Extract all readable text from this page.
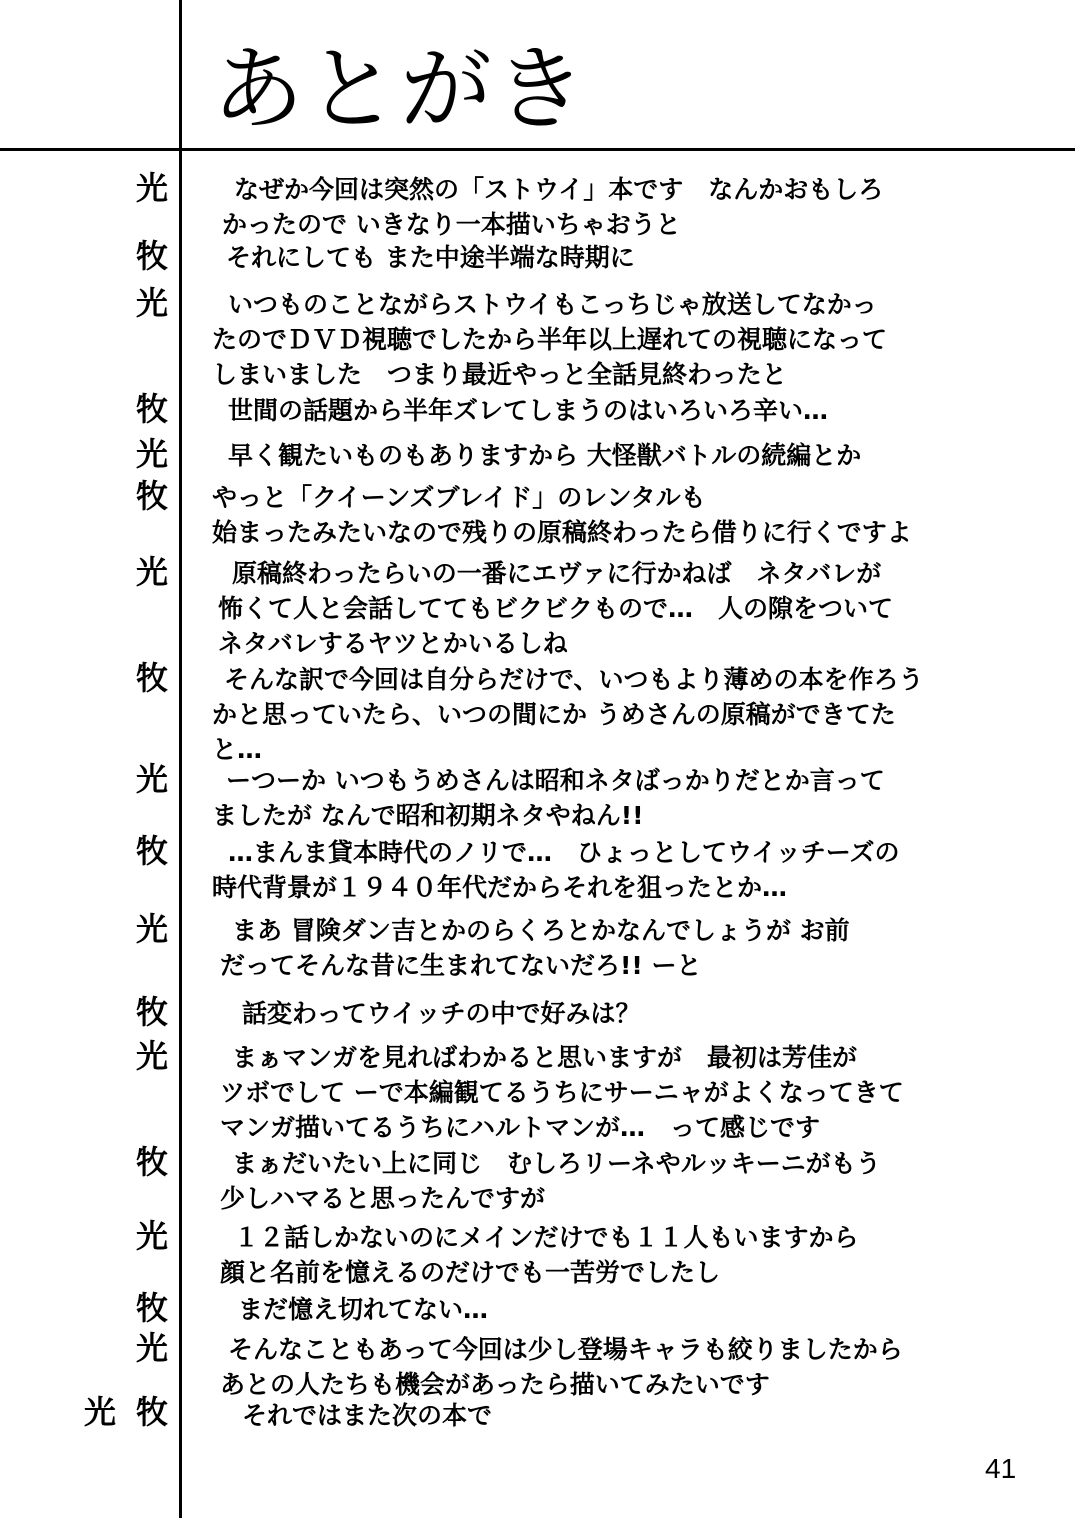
あとがき
光	なぜか今回は突然の「ストウイ」本です　なんかおもしろ
かったので いきなり一本描いちゃおうと
牧	それにしても また中途半端な時期に
光	いつものことながらストウイもこっちじゃ放送してなかっ
たのでＤＶＤ視聴でしたから半年以上遅れての視聴になって
しまいました　つまり最近やっと全話見終わったと
牧	世間の話題から半年ズレてしまうのはいろいろ辛い…
光	早く観たいものもありますから 大怪獣バトルの続編とか
牧 やっと「クイーンズブレイド」のレンタルも
始まったみたいなので残りの原稿終わったら借りに行くですよ
光	原稿終わったらいの一番にエヴァに行かねば　ネタバレが
怖くて人と会話しててもビクビクもので…　人の隙をついて
ネタバレするヤツとかいるしね
牧	そんな訳で今回は自分らだけで、いつもより薄めの本を作ろう
かと思っていたら、いつの間にか うめさんの原稿ができてた
と…
光	ーつーか いつもうめさんは昭和ネタばっかりだとか言って
ましたが なんで昭和初期ネタやねん!!
牧	…まんま貸本時代のノリで…　ひょっとしてウイッチーズの
時代背景が１９４０年代だからそれを狙ったとか…
光	まあ 冒険ダン吉とかのらくろとかなんでしょうが お前
だってそんな昔に生まれてないだろ!! ーと
牧	話変わってウイッチの中で好みは？
光	まぁマンガを見ればわかると思いますが　最初は芳佳が
ツボでして ーで本編観てるうちにサーニャがよくなってきて
マンガ描いてるうちにハルトマンが…　って感じです
牧	まぁだいたい上に同じ　むしろリーネやルッキーニがもう
少しハマると思ったんですが
光	１２話しかないのにメインだけでも１１人もいますから
顔と名前を憶えるのだけでも一苦労でしたし
牧	まだ憶え切れてない…
光	そんなこともあって今回は少し登場キャラも絞りましたから
あとの人たちも機会があったら描いてみたいです
光 牧	それではまた次の本で
41
